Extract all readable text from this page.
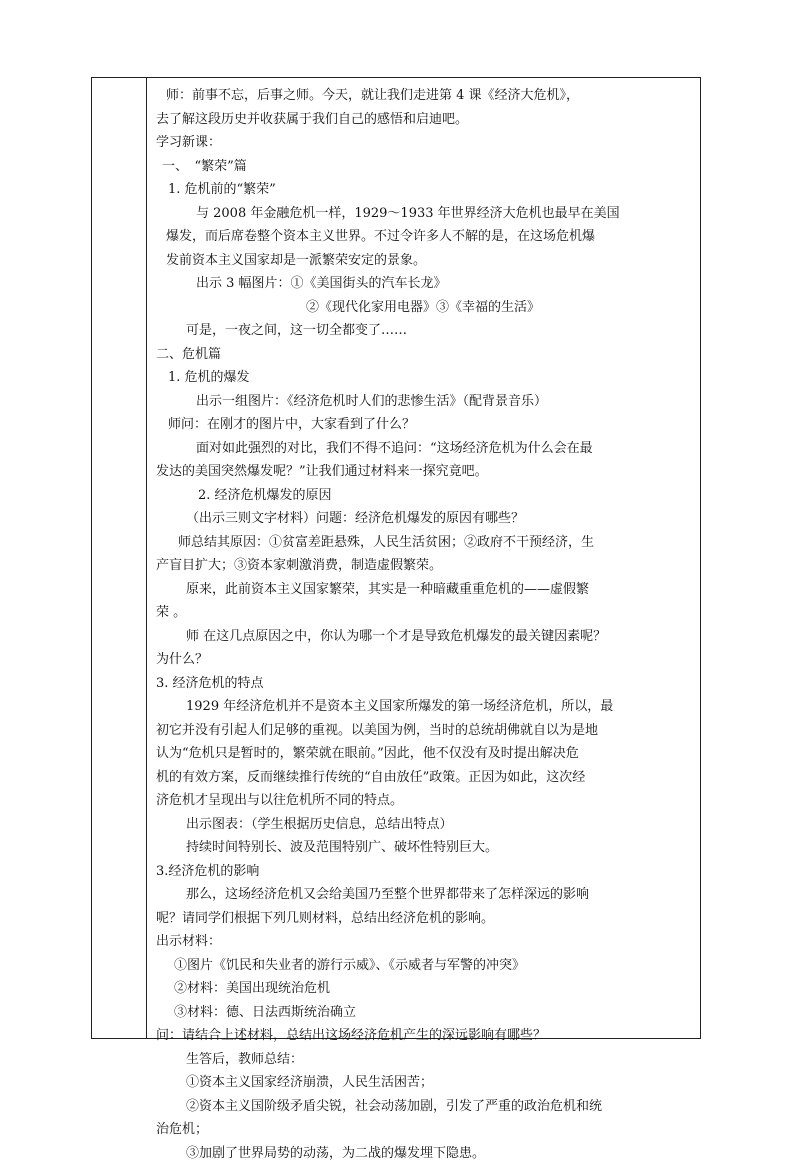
师：前事不忘，后事之师。今天，就让我们走进第 4 课《经济大危机》，
去了解这段历史并收获属于我们自己的感悟和启迪吧。
学习新课：
一、　“繁荣”篇
1. 危机前的“繁荣”
与 2008 年金融危机一样，1929～1933 年世界经济大危机也最早在美国
爆发，而后席卷整个资本主义世界。不过令许多人不解的是，在这场危机爆
发前资本主义国家却是一派繁荣安定的景象。
出示 3 幅图片：①《美国街头的汽车长龙》
②《现代化家用电器》③《幸福的生活》
可是，一夜之间，这一切全都变了……
二、危机篇
1. 危机的爆发
出示一组图片：《经济危机时人们的悲惨生活》（配背景音乐）
师问：在刚才的图片中，大家看到了什么？
面对如此强烈的对比，我们不得不追问：“这场经济危机为什么会在最
发达的美国突然爆发呢？”让我们通过材料来一探究竟吧。
2. 经济危机爆发的原因
（出示三则文字材料）问题：经济危机爆发的原因有哪些？
师总结其原因：①贫富差距悬殊，人民生活贫困；②政府不干预经济，生
产盲目扩大；③资本家刺激消费，制造虚假繁荣。
原来，此前资本主义国家繁荣，其实是一种暗藏重重危机的——虚假繁
荣 。
师 在这几点原因之中，你认为哪一个才是导致危机爆发的最关键因素呢？
为什么？
3. 经济危机的特点
1929 年经济危机并不是资本主义国家所爆发的第一场经济危机，所以，最
初它并没有引起人们足够的重视。以美国为例，当时的总统胡佛就自以为是地
认为“危机只是暂时的，繁荣就在眼前。”因此，他不仅没有及时提出解决危
机的有效方案，反而继续推行传统的“自由放任”政策。正因为如此，这次经
济危机才呈现出与以往危机所不同的特点。
出示图表：（学生根据历史信息，总结出特点）
持续时间特别长、波及范围特别广、破坏性特别巨大。
3.经济危机的影响
那么，这场经济危机又会给美国乃至整个世界都带来了怎样深远的影响
呢？请同学们根据下列几则材料，总结出经济危机的影响。
出示材料：
①图片《饥民和失业者的游行示威》、《示威者与军警的冲突》
②材料：美国出现统治危机
③材料：德、日法西斯统治确立
问：请结合上述材料，总结出这场经济危机产生的深远影响有哪些？
生答后，教师总结：
①资本主义国家经济崩溃，人民生活困苦；
②资本主义国阶级矛盾尖锐，社会动荡加剧，引发了严重的政治危机和统
治危机；
③加剧了世界局势的动荡，为二战的爆发埋下隐患。
